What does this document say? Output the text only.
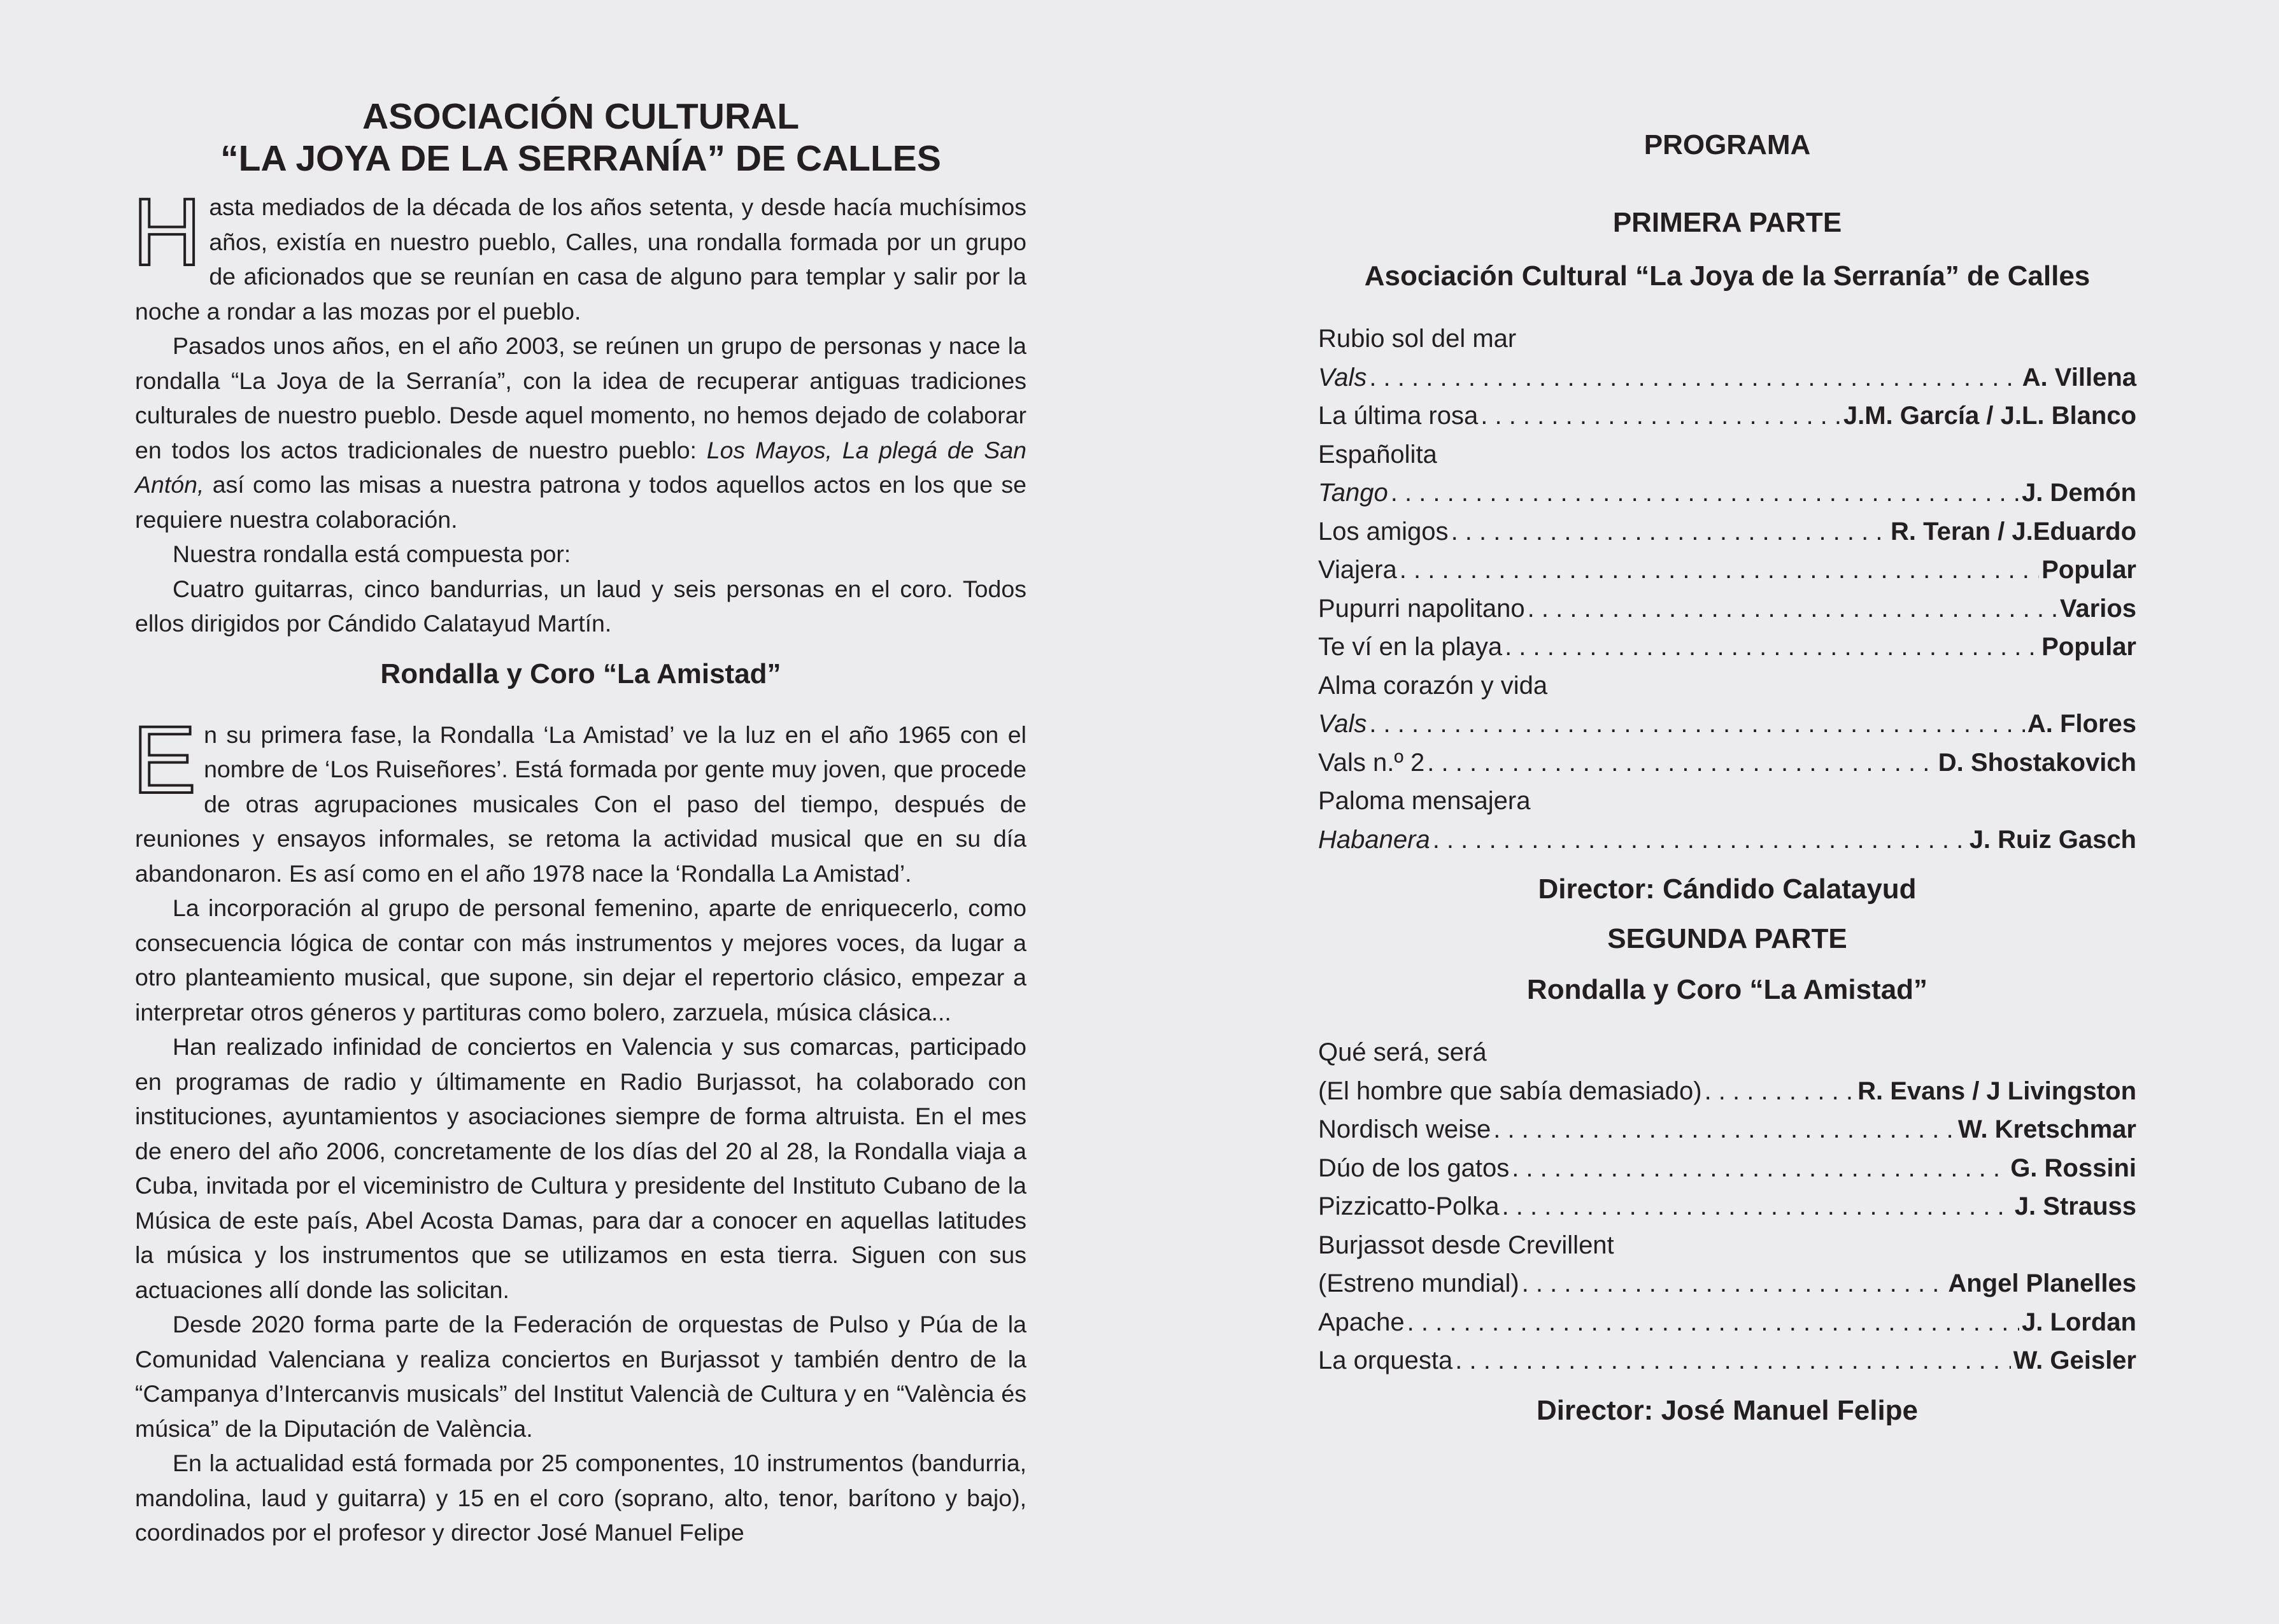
ASOCIACIÓN CULTURAL
“LA JOYA DE LA SERRANÍA” DE CALLES

Hasta mediados de la década de los años setenta, y desde hacía muchísimos años, existía en nuestro pueblo, Calles, una rondalla formada por un grupo de aficionados que se reunían en casa de alguno para templar y salir por la noche a rondar a las mozas por el pueblo.

Pasados unos años, en el año 2003, se reúnen un grupo de personas y nace la rondalla “La Joya de la Serranía”, con la idea de recuperar antiguas tradiciones culturales de nuestro pueblo. Desde aquel momento, no hemos dejado de colaborar en todos los actos tradicionales de nuestro pueblo: Los Mayos, La plegá de San Antón, así como las misas a nuestra patrona y todos aquellos actos en los que se requiere nuestra colaboración.

Nuestra rondalla está compuesta por:

Cuatro guitarras, cinco bandurrias, un laud y seis personas en el coro. Todos ellos dirigidos por Cándido Calatayud Martín.

Rondalla y Coro “La Amistad”

En su primera fase, la Rondalla ‘La Amistad’ ve la luz en el año 1965 con el nombre de ‘Los Ruiseñores’. Está formada por gente muy joven, que procede de otras agrupaciones musicales Con el paso del tiempo, después de reuniones y ensayos informales, se retoma la actividad musical que en su día abandonaron. Es así como en el año 1978 nace la ‘Rondalla La Amistad’.

La incorporación al grupo de personal femenino, aparte de enriquecerlo, como consecuencia lógica de contar con más instrumentos y mejores voces, da lugar a otro planteamiento musical, que supone, sin dejar el repertorio clásico, empezar a interpretar otros géneros y partituras como bolero, zarzuela, música clásica...

Han realizado infinidad de conciertos en Valencia y sus comarcas, participado en programas de radio y últimamente en Radio Burjassot, ha colaborado con instituciones, ayuntamientos y asociaciones siempre de forma altruista. En el mes de enero del año 2006, concretamente de los días del 20 al 28, la Rondalla viaja a Cuba, invitada por el viceministro de Cultura y presidente del Instituto Cubano de la Música de este país, Abel Acosta Damas, para dar a conocer en aquellas latitudes la música y los instrumentos que se utilizamos en esta tierra. Siguen con sus actuaciones allí donde las solicitan.

Desde 2020 forma parte de la Federación de orquestas de Pulso y Púa de la Comunidad Valenciana y realiza conciertos en Burjassot y también dentro de la “Campanya d’Intercanvis musicals” del Institut Valencià de Cultura y en “València és música” de la Diputación de València.

En la actualidad está formada por 25 componentes, 10 instrumentos (bandurria, mandolina, laud y guitarra) y 15 en el coro (soprano, alto, tenor, barítono y bajo), coordinados por el profesor y director José Manuel Felipe

PROGRAMA
PRIMERA PARTE
Asociación Cultural “La Joya de la Serranía” de Calles
Rubio sol del mar
Vals . . .	A. Villena
La última rosa . . .	J.M. García / J.L. Blanco
Españolita
Tango . . .	J. Demón
Los amigos . . .	R. Teran / J.Eduardo
Viajera . . .	Popular
Pupurri napolitano . . .	Varios
Te ví en la playa . . .	Popular
Alma corazón y vida
Vals . . .	A. Flores
Vals n.º 2 . . .	D. Shostakovich
Paloma mensajera
Habanera . . .	J. Ruiz Gasch
Director: Cándido Calatayud
SEGUNDA PARTE
Rondalla y Coro “La Amistad”
Qué será, será
(El hombre que sabía demasiado) . . .	R. Evans / J Livingston
Nordisch weise . . .	W. Kretschmar
Dúo de los gatos . . .	G. Rossini
Pizzicatto-Polka . . .	J. Strauss
Burjassot desde Crevillent
(Estreno mundial) . . .	Angel Planelles
Apache . . .	J. Lordan
La orquesta . . .	W. Geisler
Director: José Manuel Felipe
